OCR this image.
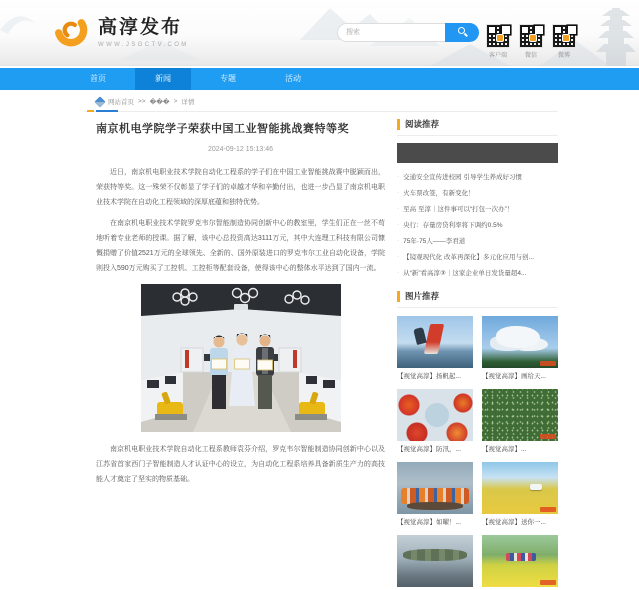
高淳发布
WWW.JSGCTV.COM
搜索
客户端	微信	微博
首页	新闻	专题	活动
网站首页 >> ��� > 详情
南京机电学院学子荣获中国工业智能挑战赛特等奖
2024-09-12 15:13:46

近日，南京机电职业技术学院自动化工程系的学子们在中国工业智能挑战赛中脱颖而出，荣获特等奖。这一殊荣不仅彰显了学子们的卓越才华和辛勤付出，也进一步凸显了南京机电职业技术学院在自动化工程领域的深厚底蕴和独特优势。

在南京机电职业技术学院罗克韦尔智能制造协同创新中心的教室里，学生们正在一丝不苟地听着专业老师的授课。据了解，该中心总投资高达3111万元，其中大连理工科技有限公司慷慨捐赠了价值2521万元的全球领先、全新的、国外原装进口的罗克韦尔工业自动化设备，学院则投入590万元购买了工控机、工控柜等配套设备，使得该中心的整体水平达到了国内一流。

南京机电职业技术学院自动化工程系教师袁芬介绍，罗克韦尔智能制造协同创新中心以及江苏省首家西门子智能制造人才认证中心的设立，为自动化工程系培养具备新质生产力的高技能人才奠定了坚实的物质基础。

阅读推荐
· 交通安全宣传进校园 引导学生养成好习惯
· 火车票改签，有新变化！
· 至高 至淳｜这件事可以“打包一次办”！
· 央行：存量房贷利率将下调约0.5%
· 75年·75人——李君道
· 【镜观现代化 改革再深化】多元化应用与创...
· 从“新”看高淳③｜这家企业单日发货量超4...
图片推荐
【视觉高淳】扬帆起...	【视觉高淳】画给天...
【视觉高淳】防汛，...	【视觉高淳】...
【视觉高淳】如曜！...	【视觉高淳】送你一...
